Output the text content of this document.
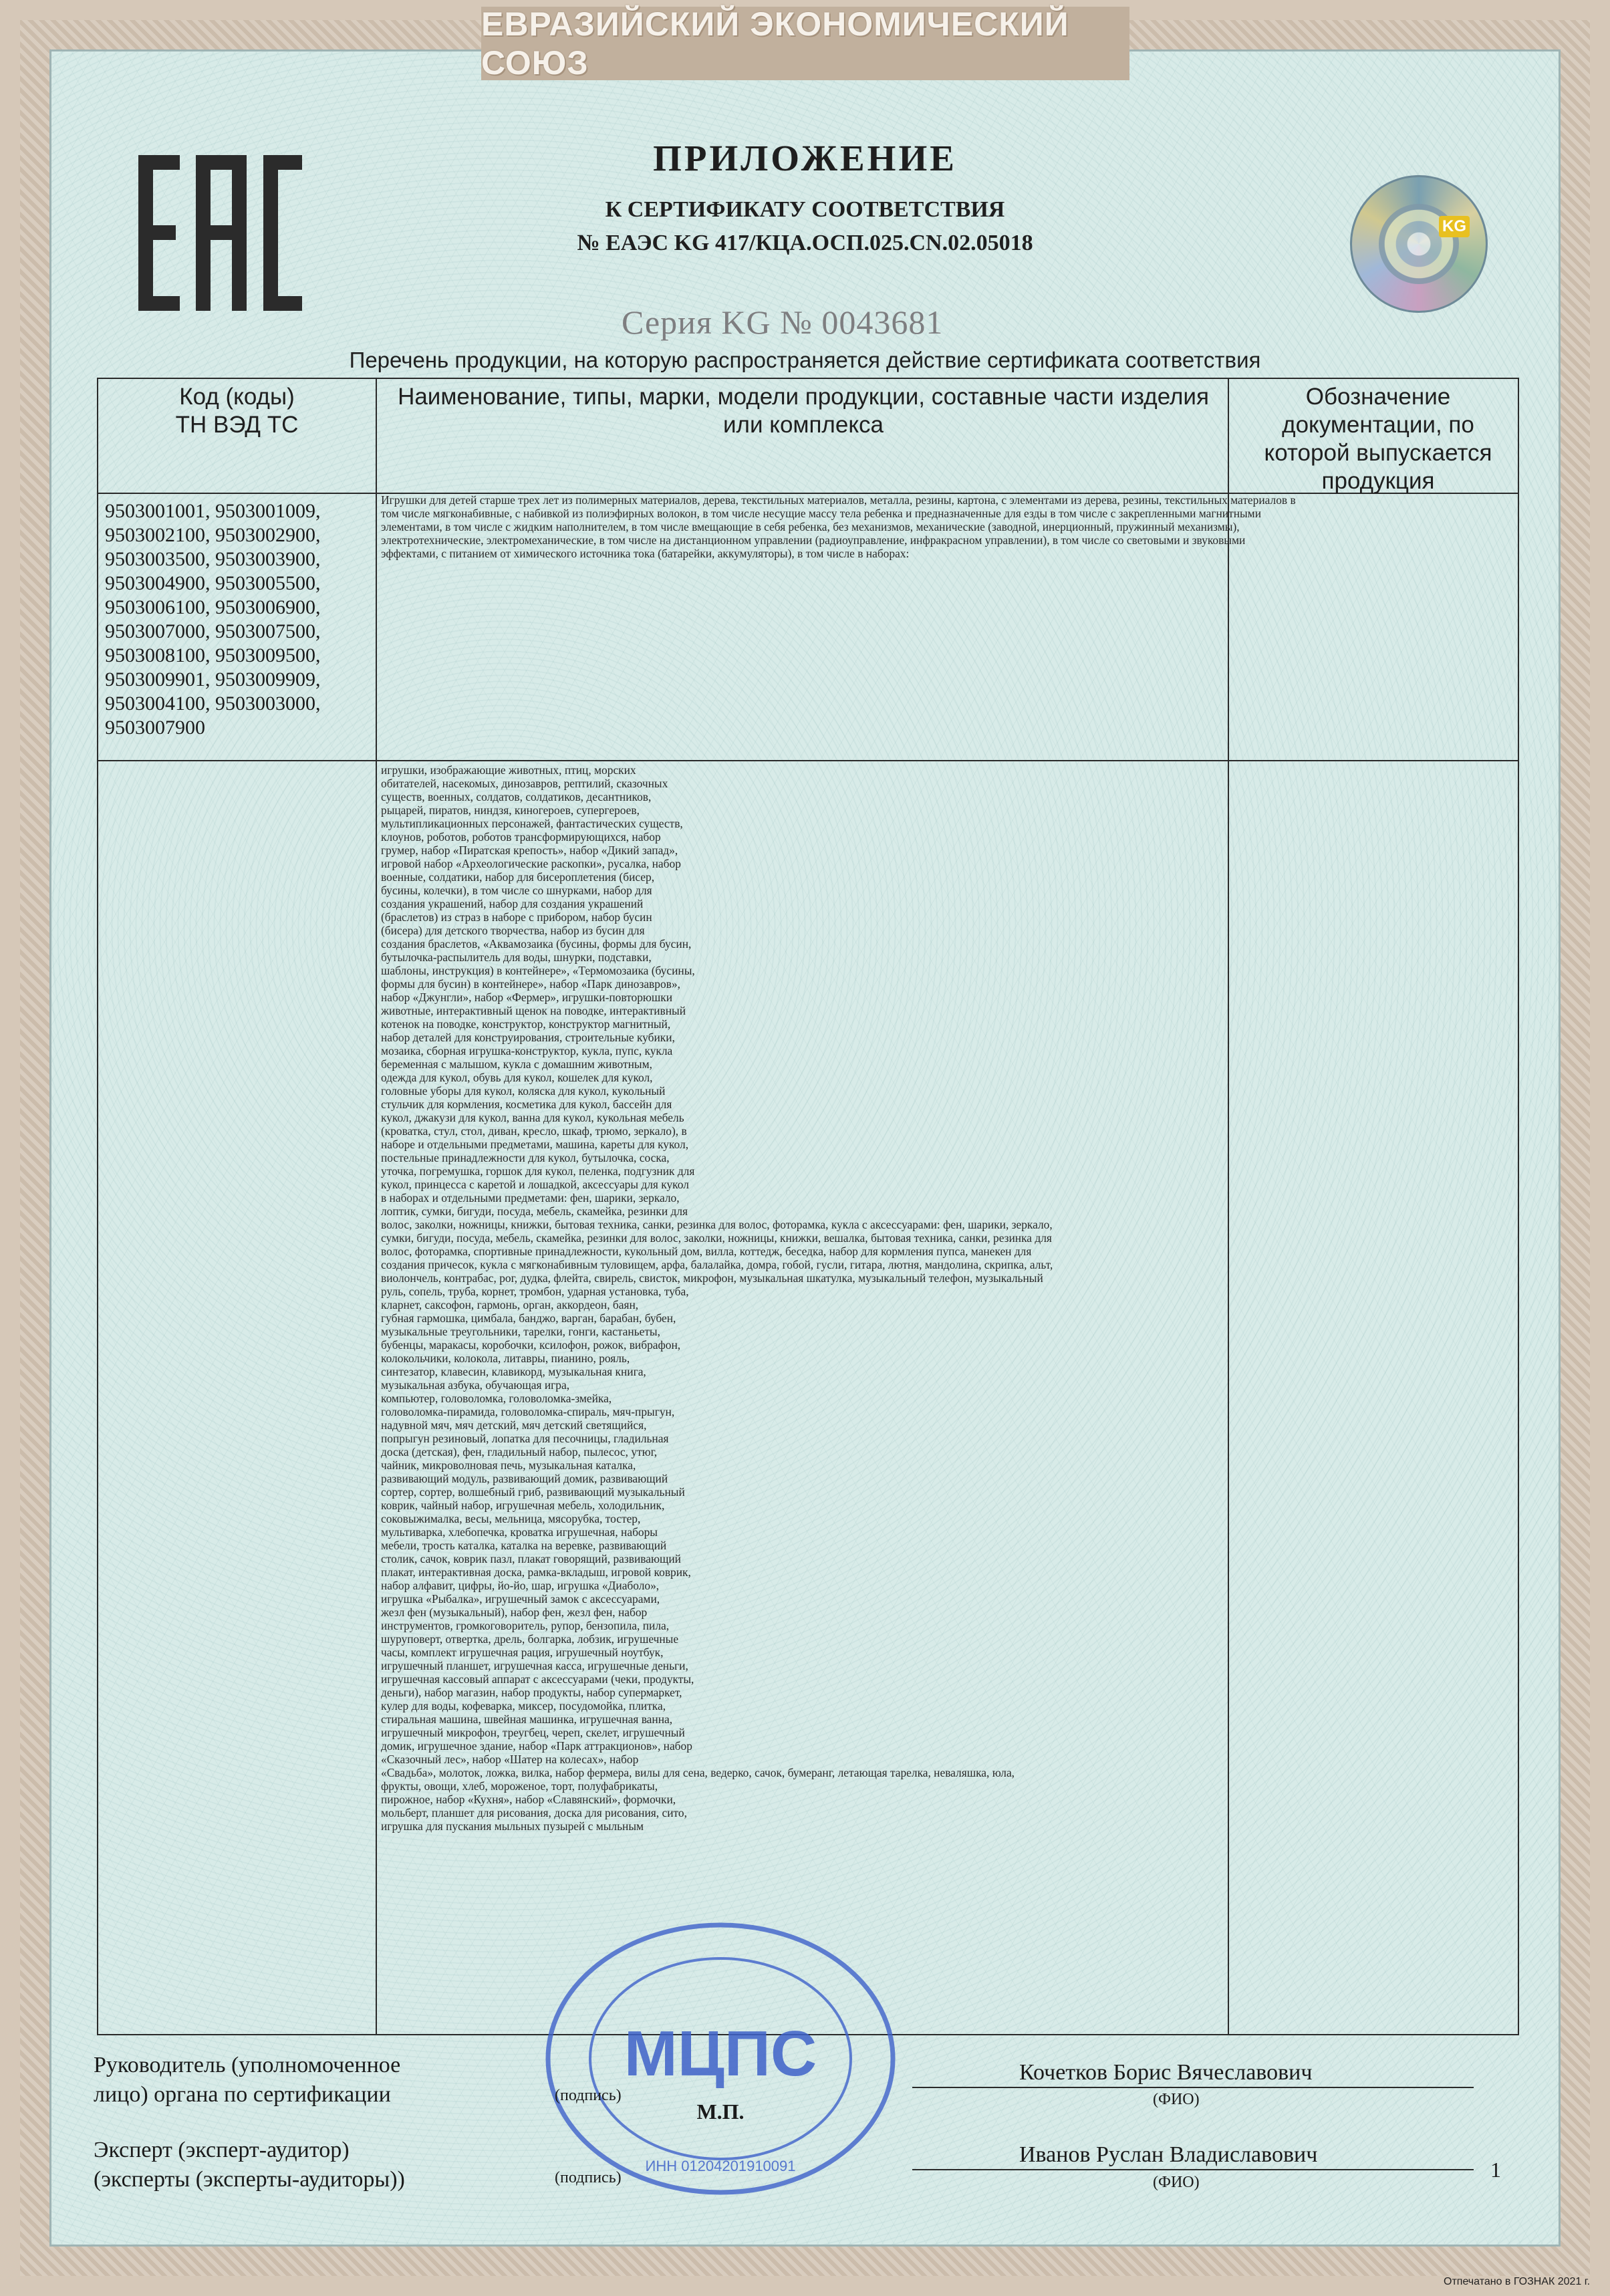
ЕВРАЗИЙСКИЙ ЭКОНОМИЧЕСКИЙ СОЮЗ
KG
ПРИЛОЖЕНИЕ
К СЕРТИФИКАТУ СООТВЕТСТВИЯ
№ ЕАЭС KG 417/КЦА.ОСП.025.CN.02.05018
Серия KG № 0043681
Перечень продукции, на которую распространяется действие сертификата соответствия
Код (коды)
ТН ВЭД ТС
Наименование, типы, марки, модели продукции, составные части изделия или комплекса
Обозначение документации, по которой выпускается продукция
9503001001, 9503001009, 9503002100, 9503002900, 9503003500, 9503003900, 9503004900, 9503005500, 9503006100, 9503006900, 9503007000, 9503007500, 9503008100, 9503009500, 9503009901, 9503009909, 9503004100, 9503003000, 9503007900
Игрушки для детей старше трех лет из полимерных материалов, дерева, текстильных материалов, металла, резины, картона, с элементами из дерева, резины, текстильных материалов в том числе мягконабивные, с набивкой из полиэфирных волокон, в том числе несущие массу тела ребенка и предназначенные для езды в том числе с закрепленными магнитными элементами, в том числе с жидким наполнителем, в том числе вмещающие в себя ребенка, без механизмов, механические (заводной, инерционный, пружинный механизмы), электротехнические, электромеханические, в том числе на дистанционном управлении (радиоуправление, инфракрасном управлении), в том числе со световыми и звуковыми эффектами, с питанием от химического источника тока (батарейки, аккумуляторы), в том числе в наборах:
игрушки, изображающие животных, птиц, морских
обитателей, насекомых, динозавров, рептилий, сказочных
существ, военных, солдатов, солдатиков, десантников,
рыцарей, пиратов, ниндзя, киногероев, супергероев,
мультипликационных персонажей, фантастических существ,
клоунов, роботов, роботов трансформирующихся, набор
грумер, набор «Пиратская крепость», набор «Дикий запад»,
игровой набор «Археологические раскопки», русалка, набор
военные, солдатики, набор для бисероплетения (бисер,
бусины, колечки), в том числе со шнурками, набор для
создания украшений, набор для создания украшений
(браслетов) из страз в наборе с прибором, набор бусин
(бисера) для детского творчества, набор из бусин для
создания браслетов, «Аквамозаика (бусины, формы для бусин,
бутылочка-распылитель для воды, шнурки, подставки,
шаблоны, инструкция) в контейнере», «Термомозаика (бусины,
формы для бусин) в контейнере», набор «Парк динозавров»,
набор «Джунгли», набор «Фермер», игрушки-повторюшки
животные, интерактивный щенок на поводке, интерактивный
котенок на поводке, конструктор, конструктор магнитный,
набор деталей для конструирования, строительные кубики,
мозаика, сборная игрушка-конструктор, кукла, пупс, кукла
беременная с малышом, кукла с домашним животным,
одежда для кукол, обувь для кукол, кошелек для кукол,
головные уборы для кукол, коляска для кукол, кукольный
стульчик для кормления, косметика для кукол, бассейн для
кукол, джакузи для кукол, ванна для кукол, кукольная мебель
(кроватка, стул, стол, диван, кресло, шкаф, трюмо, зеркало), в
наборе и отдельными предметами, машина, кареты для кукол,
постельные принадлежности для кукол, бутылочка, соска,
уточка, погремушка, горшок для кукол, пеленка, подгузник для
кукол, принцесса с каретой и лошадкой, аксессуары для кукол
в наборах и отдельными предметами: фен, шарики, зеркало,
лоптик, сумки, бигуди, посуда, мебель, скамейка, резинки для
волос, заколки, ножницы, книжки, бытовая техника, санки, резинка для волос, фоторамка, кукла с аксессуарами: фен, шарики, зеркало,
сумки, бигуди, посуда, мебель, скамейка, резинки для волос, заколки, ножницы, книжки, вешалка, бытовая техника, санки, резинка для
волос, фоторамка, спортивные принадлежности, кукольный дом, вилла, коттедж, беседка, набор для кормления пупса, манекен для
создания причесок, кукла с мягконабивным туловищем, арфа, балалайка, домра, гобой, гусли, гитара, лютня, мандолина, скрипка, альт,
виолончель, контрабас, рог, дудка, флейта, свирель, свисток, микрофон, музыкальная шкатулка, музыкальный телефон, музыкальный
руль, сопель, труба, корнет, тромбон, ударная установка, туба,
кларнет, саксофон, гармонь, орган, аккордеон, баян,
губная гармошка, цимбала, банджо, варган, барабан, бубен,
музыкальные треугольники, тарелки, гонги, кастаньеты,
бубенцы, маракасы, коробочки, ксилофон, рожок, вибрафон,
колокольчики, колокола, литавры, пианино, рояль,
синтезатор, клавесин, клавикорд, музыкальная книга,
музыкальная азбука, обучающая игра,
компьютер, головоломка, головоломка-змейка,
головоломка-пирамида, головоломка-спираль, мяч-прыгун,
надувной мяч, мяч детский, мяч детский светящийся,
попрыгун резиновый, лопатка для песочницы, гладильная
доска (детская), фен, гладильный набор, пылесос, утюг,
чайник, микроволновая печь, музыкальная каталка,
развивающий модуль, развивающий домик, развивающий
сортер, сортер, волшебный гриб, развивающий музыкальный
коврик, чайный набор, игрушечная мебель, холодильник,
соковыжималка, весы, мельница, мясорубка, тостер,
мультиварка, хлебопечка, кроватка игрушечная, наборы
мебели, трость каталка, каталка на веревке, развивающий
столик, сачок, коврик пазл, плакат говорящий, развивающий
плакат, интерактивная доска, рамка-вкладыш, игровой коврик,
набор алфавит, цифры, йо-йо, шар, игрушка «Диаболо»,
игрушка «Рыбалка», игрушечный замок с аксессуарами,
жезл фен (музыкальный), набор фен, жезл фен, набор
инструментов, громкоговоритель, рупор, бензопила, пила,
шуруповерт, отвертка, дрель, болгарка, лобзик, игрушечные
часы, комплект игрушечная рация, игрушечный ноутбук,
игрушечный планшет, игрушечная касса, игрушечные деньги,
игрушечная кассовый аппарат с аксессуарами (чеки, продукты,
деньги), набор магазин, набор продукты, набор супермаркет,
кулер для воды, кофеварка, миксер, посудомойка, плитка,
стиральная машина, швейная машинка, игрушечная ванна,
игрушечный микрофон, треугбец, череп, скелет, игрушечный
домик, игрушечное здание, набор «Парк аттракционов», набор
«Сказочный лес», набор «Шатер на колесах», набор
«Свадьба», молоток, ложка, вилка, набор фермера, вилы для сена, ведерко, сачок, бумеранг, летающая тарелка, неваляшка, юла,
фрукты, овощи, хлеб, мороженое, торт, полуфабрикаты,
пирожное, набор «Кухня», набор «Славянский», формочки,
мольберт, планшет для рисования, доска для рисования, сито,
игрушка для пускания мыльных пузырей с мыльным
МЦПС
М.П.
ИНН 01204201910091
Руководитель (уполномоченное
лицо) органа по сертификации	(подпись)
Кочетков Борис Вячеславович
(ФИО)
Эксперт (эксперт-аудитор)
(эксперты (эксперты-аудиторы))	(подпись)
Иванов Руслан Владиславович
(ФИО)
1
Отпечатано в ГОЗНАК 2021 г.
